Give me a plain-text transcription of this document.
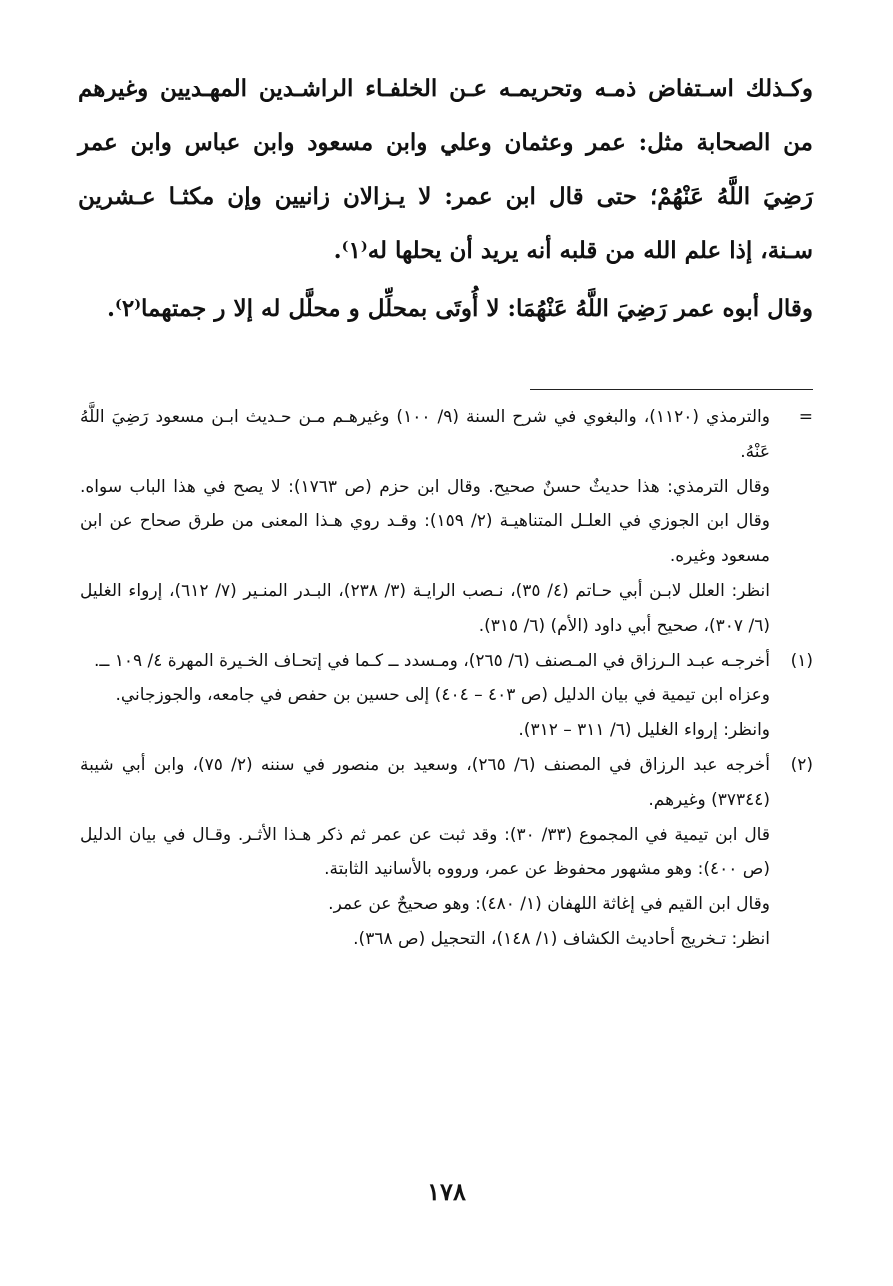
وكـذلك اسـتفاض ذمـه وتحريمـه عـن الخلفـاء الراشـدين المهـديين وغيرهم من الصحابة مثل: عمر وعثمان وعلي وابن مسعود وابن عباس وابن عمر رَضِيَ اللَّهُ عَنْهُمْ؛ حتى قال ابن عمر: لا يـزالان زانيين وإن مكثـا عـشرين سـنة، إذا علم الله من قلبه أنه يريد أن يحلها له⁽١⁾.

وقال أبوه عمر رَضِيَ اللَّهُ عَنْهُمَا: لا أُوتَى بمحلِّل و محلَّل له إلا ر جمتهما⁽٢⁾.

=

والترمذي (١١٢٠)، والبغوي في شرح السنة (٩/ ١٠٠) وغيرهـم مـن حـديث ابـن مسعود رَضِيَ اللَّهُ عَنْهُ.

وقال الترمذي: هذا حديثٌ حسنٌ صحيح. وقال ابن حزم (ص ١٧٦٣): لا يصح في هذا الباب سواه. وقال ابن الجوزي في العلـل المتناهيـة (٢/ ١٥٩): وقـد روي هـذا المعنى من طرق صحاح عن ابن مسعود وغيره.

انظر: العلل لابـن أبي حـاتم (٤/ ٣٥)، نـصب الرايـة (٣/ ٢٣٨)، البـدر المنـير (٧/ ٦١٢)، إرواء الغليل (٦/ ٣٠٧)، صحيح أبي داود (الأم) (٦/ ٣١٥).

(١)

أخرجـه عبـد الـرزاق في المـصنف (٦/ ٢٦٥)، ومـسدد ــ كـما في إتحـاف الخـيرة المهرة ٤/ ١٠٩ ــ.

وعزاه ابن تيمية في بيان الدليل (ص ٤٠٣ – ٤٠٤) إلى حسين بن حفص في جامعه، والجوزجاني.

وانظر: إرواء الغليل (٦/ ٣١١ – ٣١٢).

(٢)

أخرجه عبد الرزاق في المصنف (٦/ ٢٦٥)، وسعيد بن منصور في سننه (٢/ ٧٥)، وابن أبي شيبة (٣٧٣٤٤) وغيرهم.

قال ابن تيمية في المجموع (٣٣/ ٣٠): وقد ثبت عن عمر ثم ذكر هـذا الأثـر. وقـال في بيان الدليل (ص ٤٠٠): وهو مشهور محفوظ عن عمر، ورووه بالأسانيد الثابتة.

وقال ابن القيم في إغاثة اللهفان (١/ ٤٨٠): وهو صحيحٌ عن عمر.

انظر: تـخريج أحاديث الكشاف (١/ ١٤٨)، التحجيل (ص ٣٦٨).

١٧٨
